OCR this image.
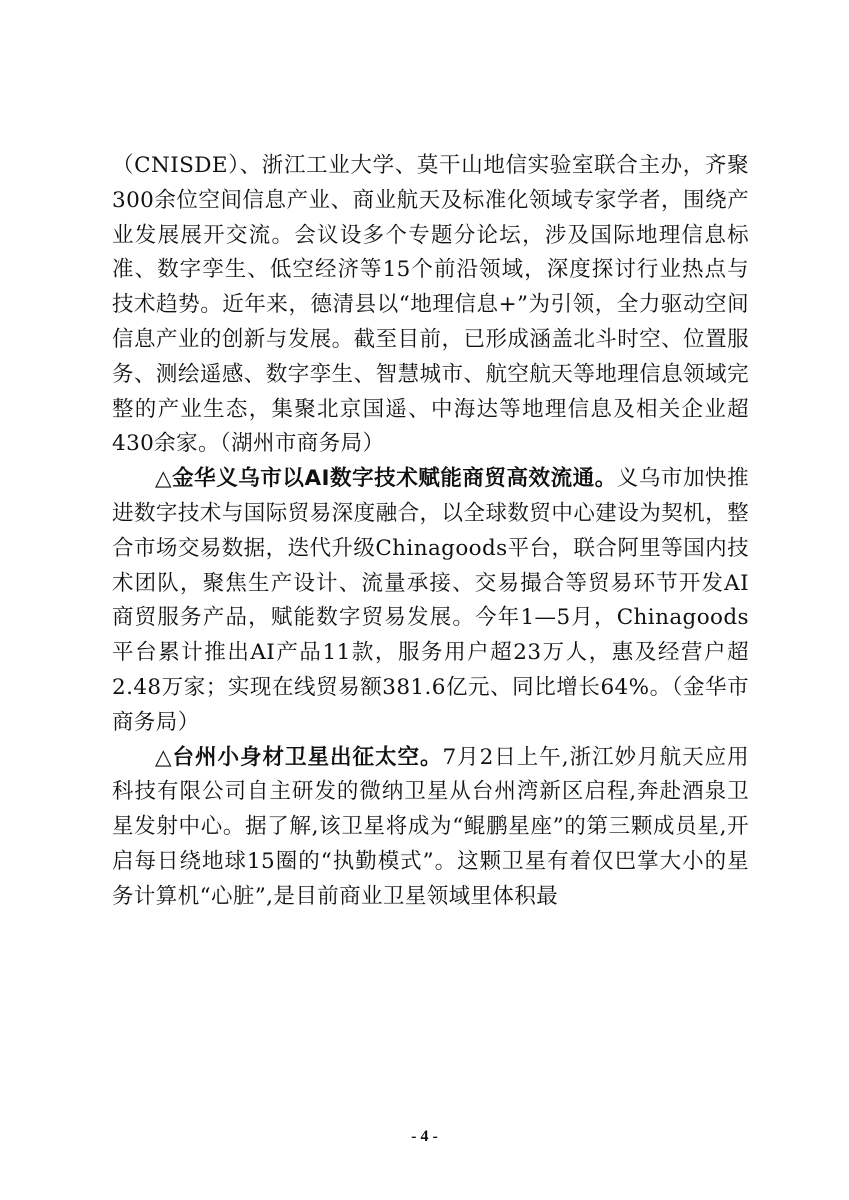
（CNISDE）、浙江工业大学、莫干山地信实验室联合主办，齐聚300余位空间信息产业、商业航天及标准化领域专家学者，围绕产业发展展开交流。会议设多个专题分论坛，涉及国际地理信息标准、数字孪生、低空经济等15个前沿领域，深度探讨行业热点与技术趋势。近年来，德清县以“地理信息+”为引领，全力驱动空间信息产业的创新与发展。截至目前，已形成涵盖北斗时空、位置服务、测绘遥感、数字孪生、智慧城市、航空航天等地理信息领域完整的产业生态，集聚北京国遥、中海达等地理信息及相关企业超430余家。（湖州市商务局）

△金华义乌市以AI数字技术赋能商贸高效流通。义乌市加快推进数字技术与国际贸易深度融合，以全球数贸中心建设为契机，整合市场交易数据，迭代升级Chinagoods平台，联合阿里等国内技术团队，聚焦生产设计、流量承接、交易撮合等贸易环节开发AI商贸服务产品，赋能数字贸易发展。今年1—5月，Chinagoods平台累计推出AI产品11款，服务用户超23万人，惠及经营户超2.48万家；实现在线贸易额381.6亿元、同比增长64%。（金华市商务局）

△台州小身材卫星出征太空。7月2日上午,浙江妙月航天应用科技有限公司自主研发的微纳卫星从台州湾新区启程,奔赴酒泉卫星发射中心。据了解,该卫星将成为“鲲鹏星座”的第三颗成员星,开启每日绕地球15圈的“执勤模式”。这颗卫星有着仅巴掌大小的星务计算机“心脏”,是目前商业卫星领域里体积最

- 4 -
